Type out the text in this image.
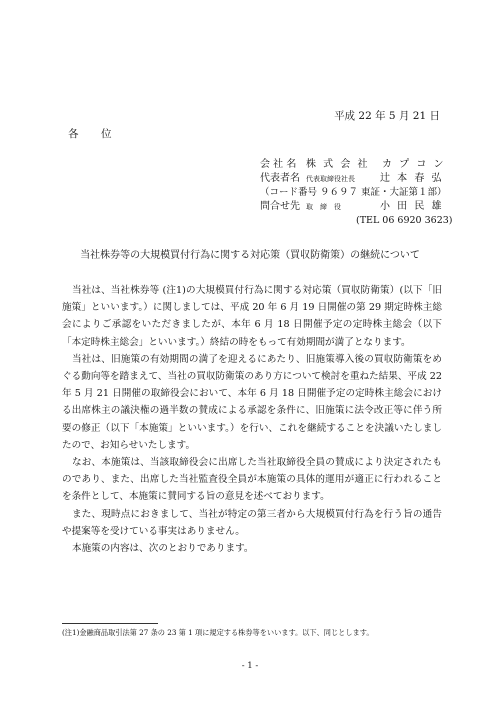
平成 22 年 5 月 21 日
各　位
会 社 名 株 式 会 社	カ プ コ ン
代表者名 代表取締役社長	辻 本 春 弘
（コード番号 ９６９７ 東証・大証第１部）
問合せ先 取　締　役	小 田 民 雄
(TEL 06 6920 3623)
当社株券等の大規模買付行為に関する対応策（買収防衛策）の継続について

当社は、当社株券等 (注1)の大規模買付行為に関する対応策（買収防衛策）(以下「旧施策」といいます。）に関しましては、平成 20 年 6 月 19 日開催の第 29 期定時株主総会によりご承認をいただきましたが、本年 6 月 18 日開催予定の定時株主総会（以下「本定時株主総会」といいます。）終結の時をもって有効期間が満了となります。

当社は、旧施策の有効期間の満了を迎えるにあたり、旧施策導入後の買収防衛策をめぐる動向等を踏まえて、当社の買収防衛策のあり方について検討を重ねた結果、平成 22 年 5 月 21 日開催の取締役会において、本年 6 月 18 日開催予定の定時株主総会における出席株主の議決権の過半数の賛成による承認を条件に、旧施策に法令改正等に伴う所要の修正（以下「本施策」といいます。）を行い、これを継続することを決議いたしましたので、お知らせいたします。

なお、本施策は、当該取締役会に出席した当社取締役全員の賛成により決定されたものであり、また、出席した当社監査役全員が本施策の具体的運用が適正に行われることを条件として、本施策に賛同する旨の意見を述べております。

また、現時点におきまして、当社が特定の第三者から大規模買付行為を行う旨の通告や提案等を受けている事実はありません。

本施策の内容は、次のとおりであります。

(注1)金融商品取引法第 27 条の 23 第 1 項に規定する株券等をいいます。以下、同じとします。
- 1 -
